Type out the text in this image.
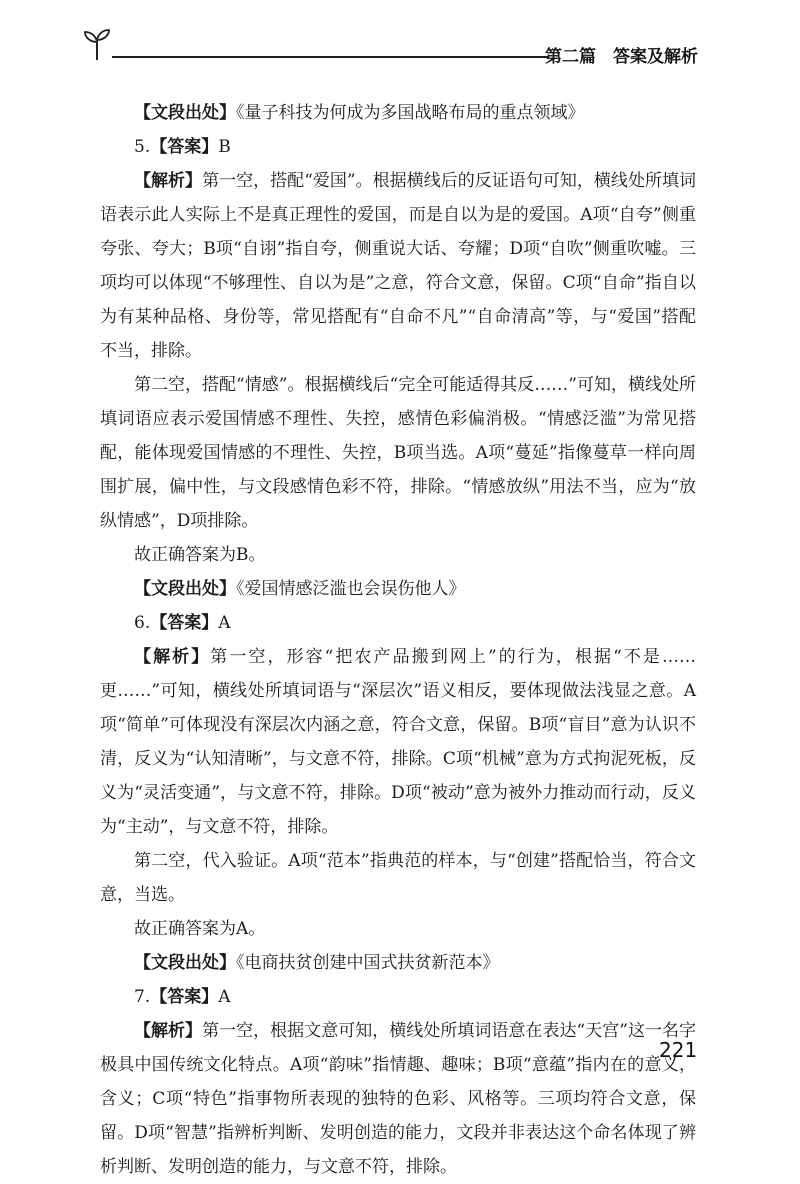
第二篇　答案及解析

【文段出处】《量子科技为何成为多国战略布局的重点领域》

5.【答案】B

【解析】第一空，搭配“爱国”。根据横线后的反证语句可知，横线处所填词语表示此人实际上不是真正理性的爱国，而是自以为是的爱国。A项“自夸”侧重夸张、夸大；B项“自诩”指自夸，侧重说大话、夸耀；D项“自吹”侧重吹嘘。三项均可以体现“不够理性、自以为是”之意，符合文意，保留。C项“自命”指自以为有某种品格、身份等，常见搭配有“自命不凡”“自命清高”等，与“爱国”搭配不当，排除。

第二空，搭配“情感”。根据横线后“完全可能适得其反……”可知，横线处所填词语应表示爱国情感不理性、失控，感情色彩偏消极。“情感泛滥”为常见搭配，能体现爱国情感的不理性、失控，B项当选。A项“蔓延”指像蔓草一样向周围扩展，偏中性，与文段感情色彩不符，排除。“情感放纵”用法不当，应为“放纵情感”，D项排除。

故正确答案为B。

【文段出处】《爱国情感泛滥也会误伤他人》

6.【答案】A

【解析】第一空，形容“把农产品搬到网上”的行为，根据“不是……更……”可知，横线处所填词语与“深层次”语义相反，要体现做法浅显之意。A项“简单”可体现没有深层次内涵之意，符合文意，保留。B项“盲目”意为认识不清，反义为“认知清晰”，与文意不符，排除。C项“机械”意为方式拘泥死板，反义为“灵活变通”，与文意不符，排除。D项“被动”意为被外力推动而行动，反义为“主动”，与文意不符，排除。

第二空，代入验证。A项“范本”指典范的样本，与“创建”搭配恰当，符合文意，当选。

故正确答案为A。

【文段出处】《电商扶贫创建中国式扶贫新范本》

7.【答案】A

【解析】第一空，根据文意可知，横线处所填词语意在表达“天宫”这一名字极具中国传统文化特点。A项“韵味”指情趣、趣味；B项“意蕴”指内在的意义，含义；C项“特色”指事物所表现的独特的色彩、风格等。三项均符合文意，保留。D项“智慧”指辨析判断、发明创造的能力，文段并非表达这个命名体现了辨析判断、发明创造的能力，与文意不符，排除。

221
